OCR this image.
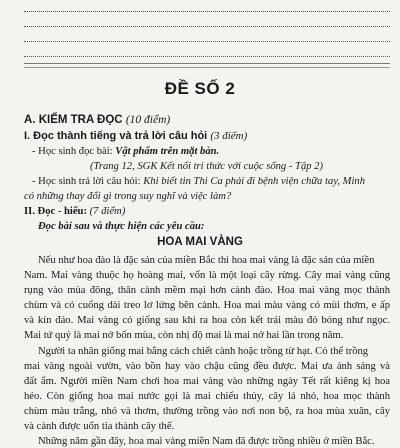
ĐỀ SỐ 2
A. KIỂM TRA ĐỌC (10 điểm)
I. Đọc thành tiếng và trả lời câu hỏi (3 điểm)
- Học sinh đọc bài: Vật phẩm trên mặt bàn.
(Trang 12, SGK Kết nối tri thức với cuộc sống - Tập 2)
- Học sinh trả lời câu hỏi: Khi biết tin Thi Ca phải đi bệnh viện chữa tay, Minh
có những thay đổi gì trong suy nghĩ và việc làm?
II. Đọc - hiểu: (7 điểm)
Đọc bài sau và thực hiện các yêu cầu:
HOA MAI VÀNG
Nếu như hoa đào là đặc sản của miền Bắc thì hoa mai vàng là đặc sản của miền
Nam. Mai vàng thuộc họ hoàng mai, vốn là một loại cây rừng. Cây mai vàng cũng
rụng vào mùa đông, thân cành mềm mại hơn cành đào. Hoa mai vàng mọc thành
chùm và có cuống dài treo lơ lửng bên cành. Hoa mai màu vàng có mùi thơm, e ấp
và kín đáo. Mai vàng có giống sau khi ra hoa còn kết trái màu đỏ bóng như ngọc.
Mai tứ quý là mai nở bốn mùa, còn nhị độ mai là mai nở hai lần trong năm.
Người ta nhân giống mai bằng cách chiết cành hoặc trồng từ hạt. Có thể trồng
mai vàng ngoài vườn, vào bồn hay vào chậu cũng đều được. Mai ưa ánh sáng và
đất ẩm. Người miền Nam chơi hoa mai vàng vào những ngày Tết rất kiêng kị hoa
héo. Còn giống hoa mai nước gọi là mai chiếu thủy, cây lá nhỏ, hoa mọc thành
chùm màu trắng, nhỏ và thơm, thường trồng vào nơi non bộ, ra hoa mùa xuân, cây
và cành được uốn tỉa thành cây thế.
Những năm gần đây, hoa mai vàng miền Nam đã được trồng nhiều ở miền Bắc.
